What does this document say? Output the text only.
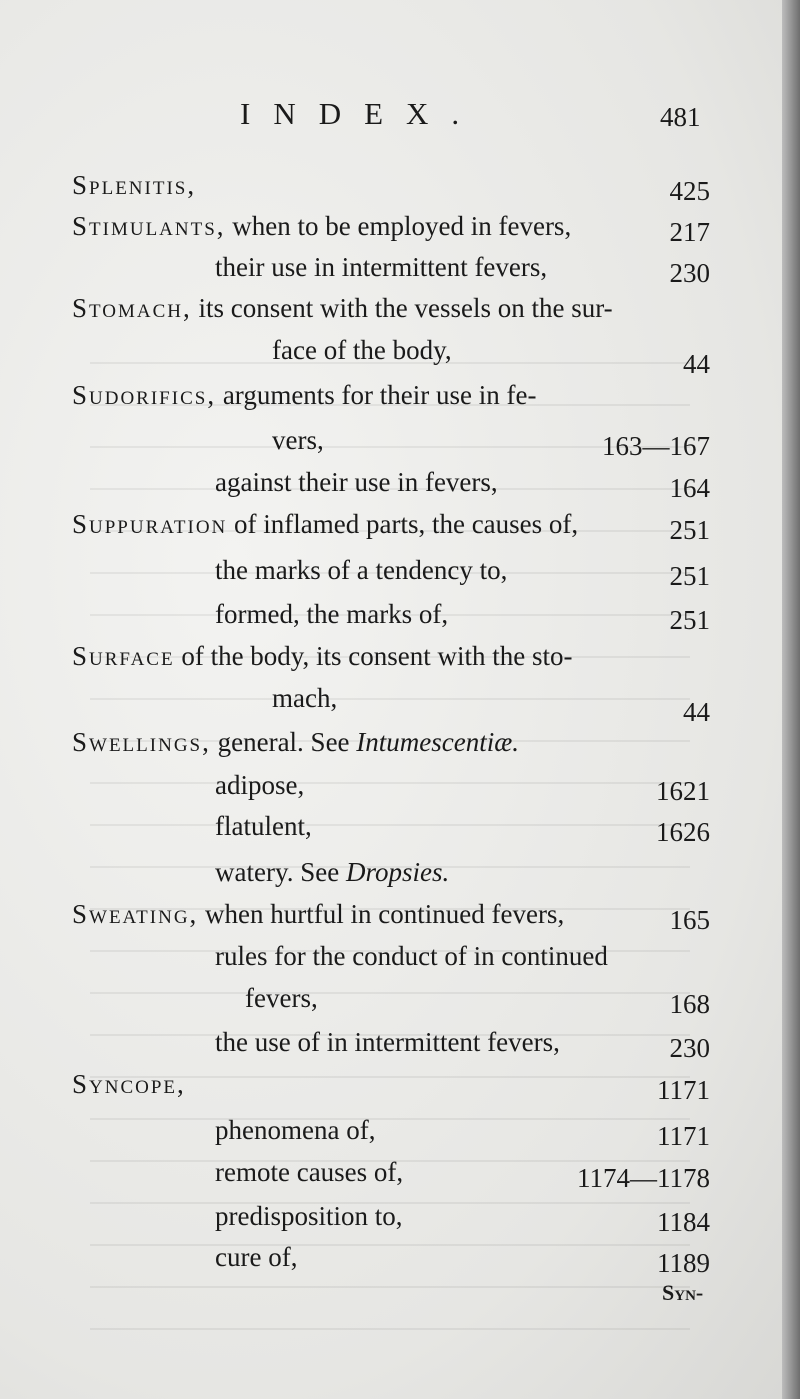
INDEX.	481
Splenitis,	425
Stimulants, when to be employed in fevers,	217
their use in intermittent fevers,	230
Stomach, its consent with the vessels on the sur-
face of the body,	44
Sudorifics, arguments for their use in fe-
vers,	163—167
against their use in fevers,	164
Suppuration of inflamed parts, the causes of,	251
the marks of a tendency to,	251
formed, the marks of,	251
Surface of the body, its consent with the sto-
mach,	44
Swellings, general. See Intumescentiæ.
adipose,	1621
flatulent,	1626
watery. See Dropsies.
Sweating, when hurtful in continued fevers,	165
rules for the conduct of in continued
fevers,	168
the use of in intermittent fevers,	230
Syncope,	1171
phenomena of,	1171
remote causes of,	1174—1178
predisposition to,	1184
cure of,	1189
Syn-
